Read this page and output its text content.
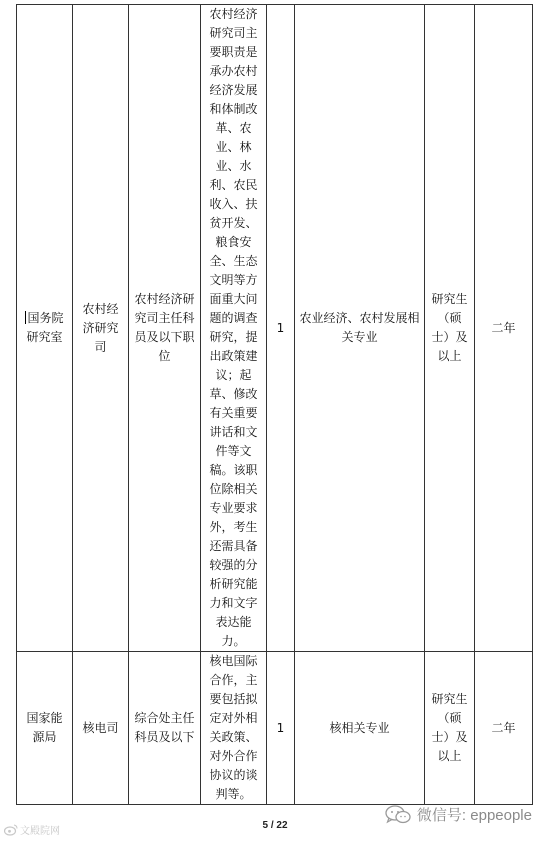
国务院研究室	农村经济研究司	农村经济研究司主任科员及以下职位	农村经济研究司主要职责是承办农村经济发展和体制改革、农业、林业、水利、农民收入、扶贫开发、粮食安全、生态文明等方面重大问题的调查研究，提出政策建议；起草、修改有关重要讲话和文件等文稿。该职位除相关专业要求外，考生还需具备较强的分析研究能力和文字表达能力。	1	农业经济、农村发展相关专业	研究生（硕士）及以上	二年
国家能源局	核电司	综合处主任科员及以下	核电国际合作，主要包括拟定对外相关政策、对外合作协议的谈判等。	1	核相关专业	研究生（硕士）及以上	二年
文殿院网
5 / 22
微信号: eppeople
